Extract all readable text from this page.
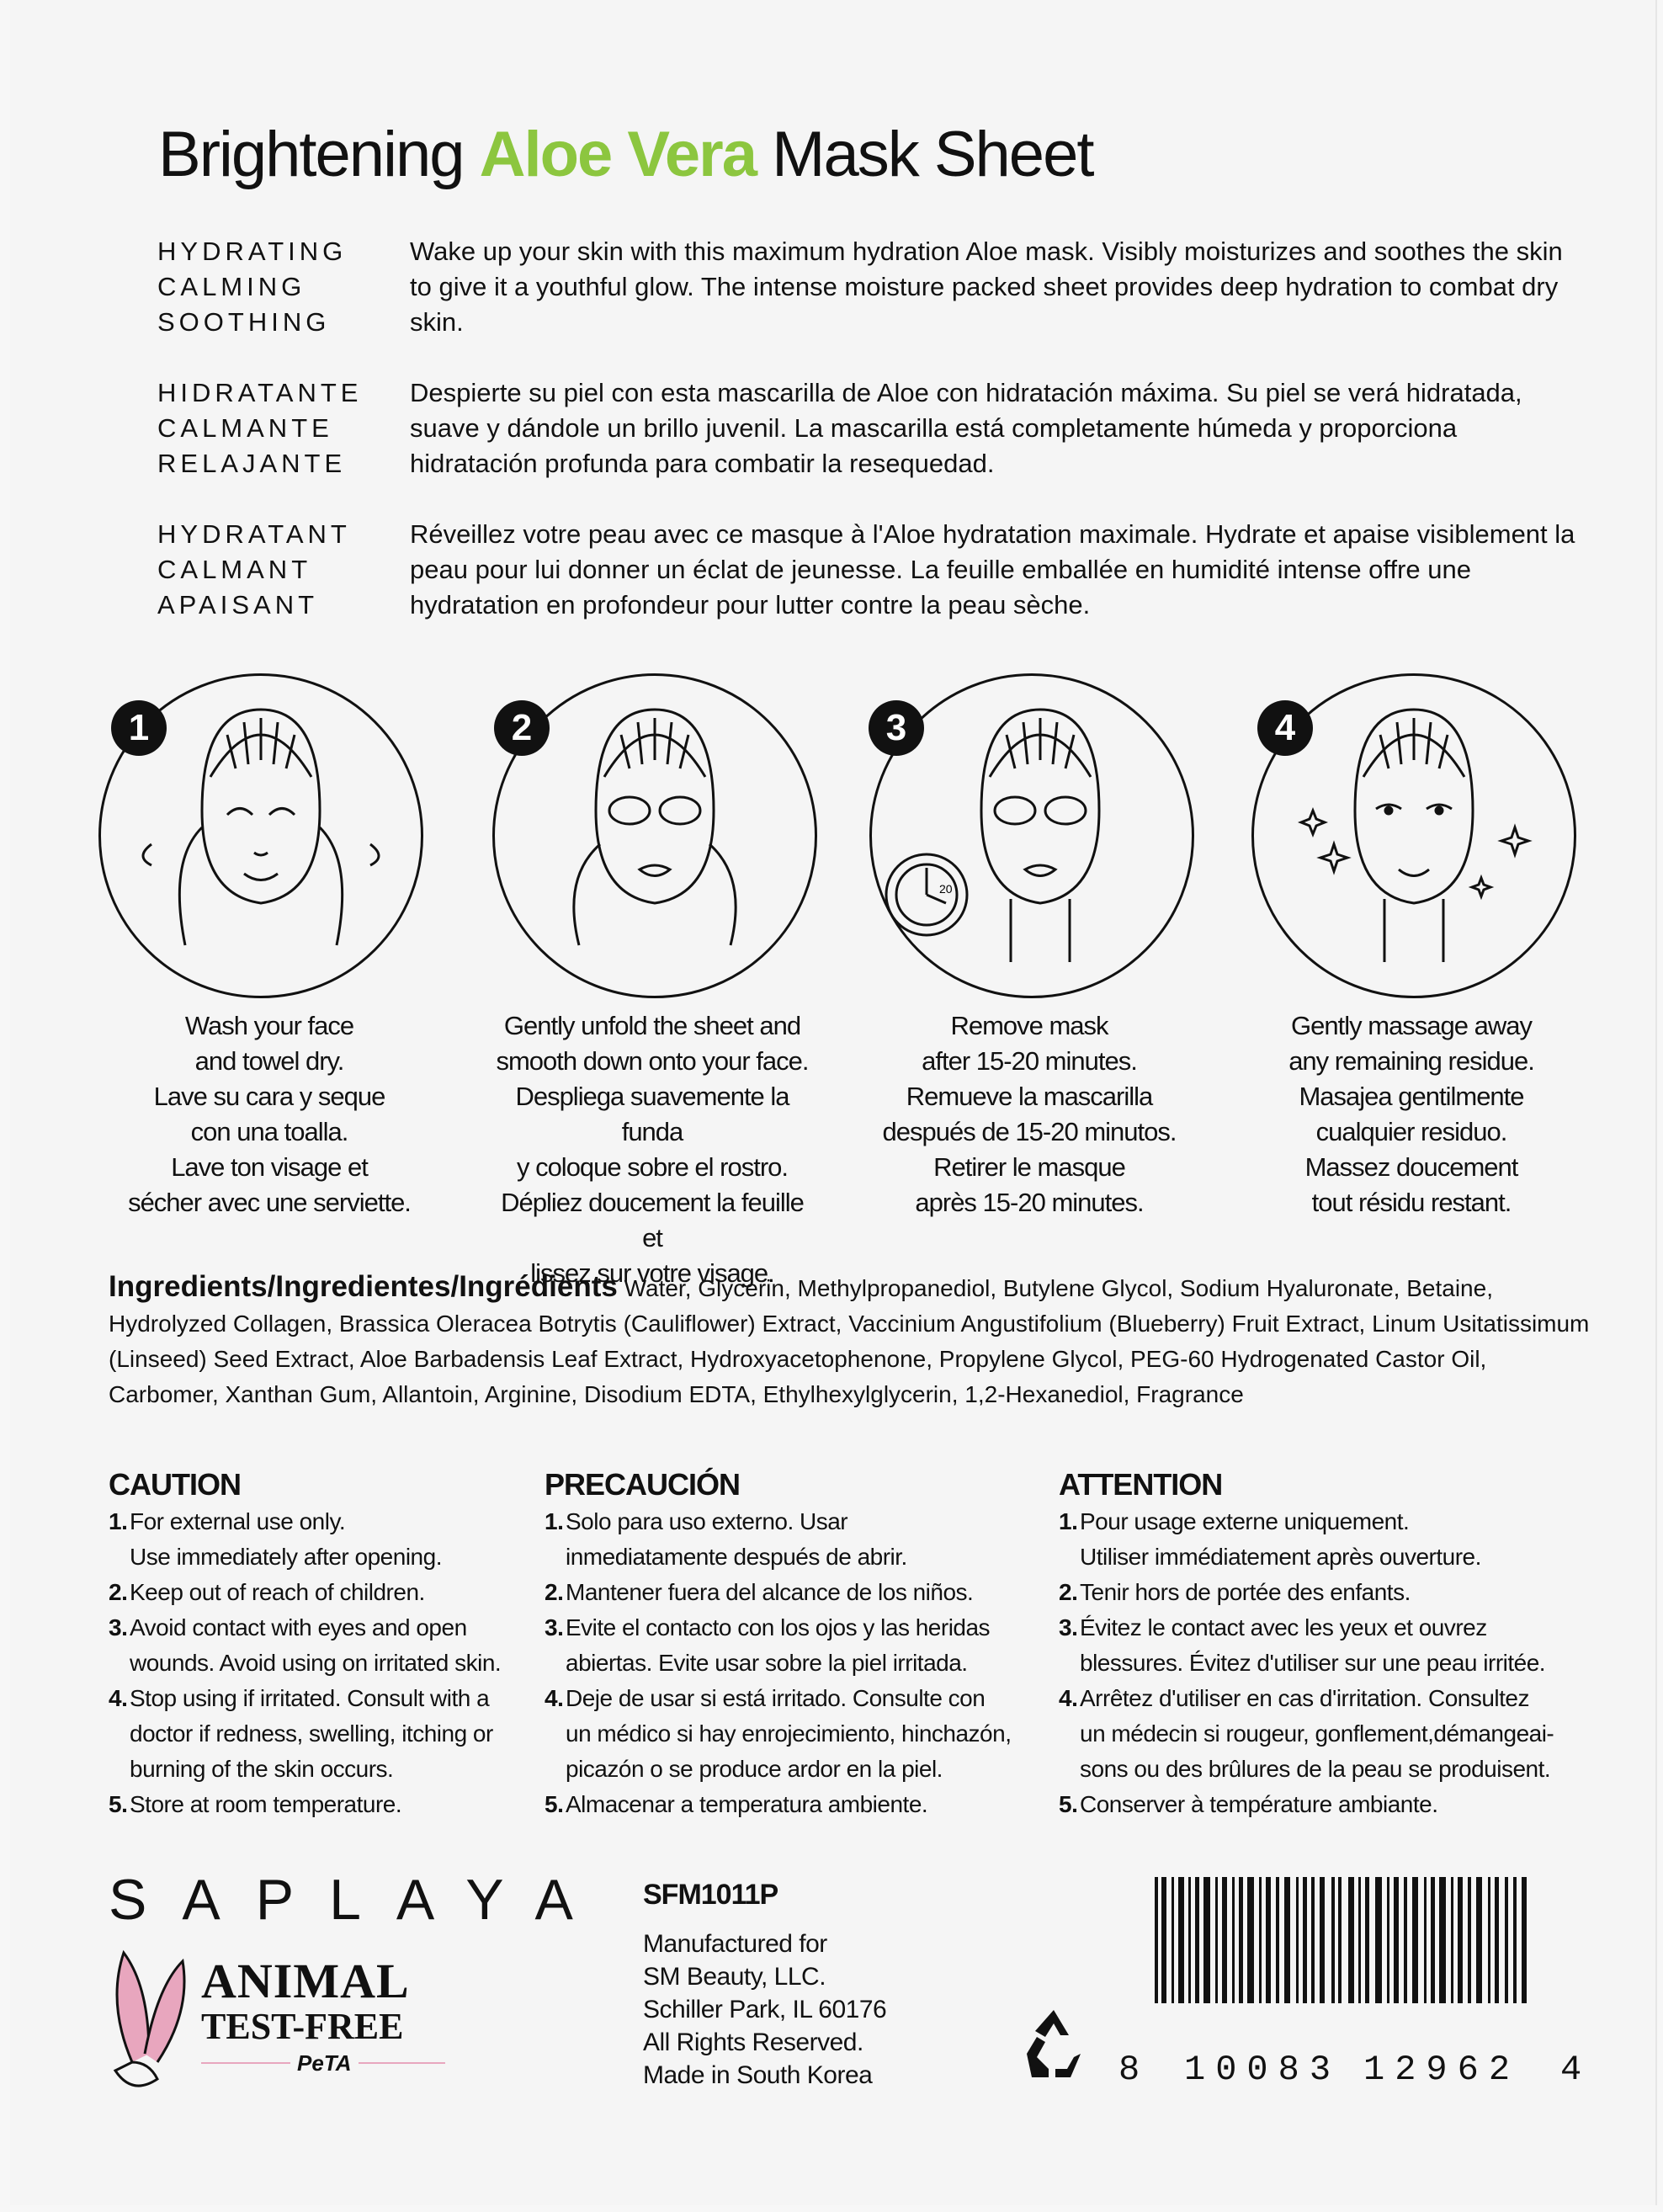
Brightening Aloe Vera Mask Sheet
HYDRATING
CALMING
SOOTHING
Wake up your skin with this maximum hydration Aloe mask. Visibly moisturizes and soothes the skin to give it a youthful glow. The intense moisture packed sheet provides deep hydration to combat dry skin.
HIDRATANTE
CALMANTE
RELAJANTE
Despierte su piel con esta mascarilla de Aloe con hidratación máxima. Su piel se verá hidratada, suave y dándole un brillo juvenil. La mascarilla está completamente húmeda y proporciona hidratación profunda para combatir la resequedad.
HYDRATANT
CALMANT
APAISANT
Réveillez votre peau avec ce masque à l'Aloe hydratation maximale. Hydrate et apaise visiblement la peau pour lui donner un éclat de jeunesse. La feuille emballée en humidité intense offre une hydratation en profondeur pour lutter contre la peau sèche.
1	2
20
3	4
Wash your face
and towel dry.
Lave su cara y seque
con una toalla.
Lave ton visage et
sécher avec une serviette.
Gently unfold the sheet and
smooth down onto your face.
Despliega suavemente la funda
y coloque sobre el rostro.
Dépliez doucement la feuille et
lissez sur votre visage.
Remove mask
after 15-20 minutes.
Remueve la mascarilla
después de 15-20 minutos.
Retirer le masque
après 15-20 minutes.
Gently massage away
any remaining residue.
Masajea gentilmente
cualquier residuo.
Massez doucement
tout résidu restant.
Ingredients/Ingredientes/Ingrédients Water, Glycerin, Methylpropanediol, Butylene Glycol, Sodium Hyaluronate, Betaine, Hydrolyzed Collagen, Brassica Oleracea Botrytis (Cauliflower) Extract, Vaccinium Angustifolium (Blueberry) Fruit Extract, Linum Usitatissimum (Linseed) Seed Extract, Aloe Barbadensis Leaf Extract, Hydroxyacetophenone, Propylene Glycol, PEG-60 Hydrogenated Castor Oil, Carbomer, Xanthan Gum, Allantoin, Arginine, Disodium EDTA, Ethylhexylglycerin, 1,2-Hexanediol, Fragrance
CAUTION
1. For external use only.
Use immediately after opening.
2. Keep out of reach of children.
3. Avoid contact with eyes and open
wounds. Avoid using on irritated skin.
4. Stop using if irritated. Consult with a
doctor if redness, swelling, itching or
burning of the skin occurs.
5. Store at room temperature.
PRECAUCIÓN
1. Solo para uso externo. Usar
inmediatamente después de abrir.
2. Mantener fuera del alcance de los niños.
3. Evite el contacto con los ojos y las heridas
abiertas. Evite usar sobre la piel irritada.
4. Deje de usar si está irritado. Consulte con
un médico si hay enrojecimiento, hinchazón,
picazón o se produce ardor en la piel.
5. Almacenar a temperatura ambiente.
ATTENTION
1. Pour usage externe uniquement.
Utiliser immédiatement après ouverture.
2. Tenir hors de portée des enfants.
3. Évitez le contact avec les yeux et ouvrez
blessures. Évitez d'utiliser sur une peau irritée.
4. Arrêtez d'utiliser en cas d'irritation. Consultez
un médecin si rougeur, gonflement,démangeai-
sons ou des brûlures de la peau se produisent.
5. Conserver à température ambiante.
SAPLAYA
ANIMAL
TEST-FREE
PeTA
SFM1011P
Manufactured for
SM Beauty, LLC.
Schiller Park, IL 60176
All Rights Reserved.
Made in South Korea	8 10083 12962 4
